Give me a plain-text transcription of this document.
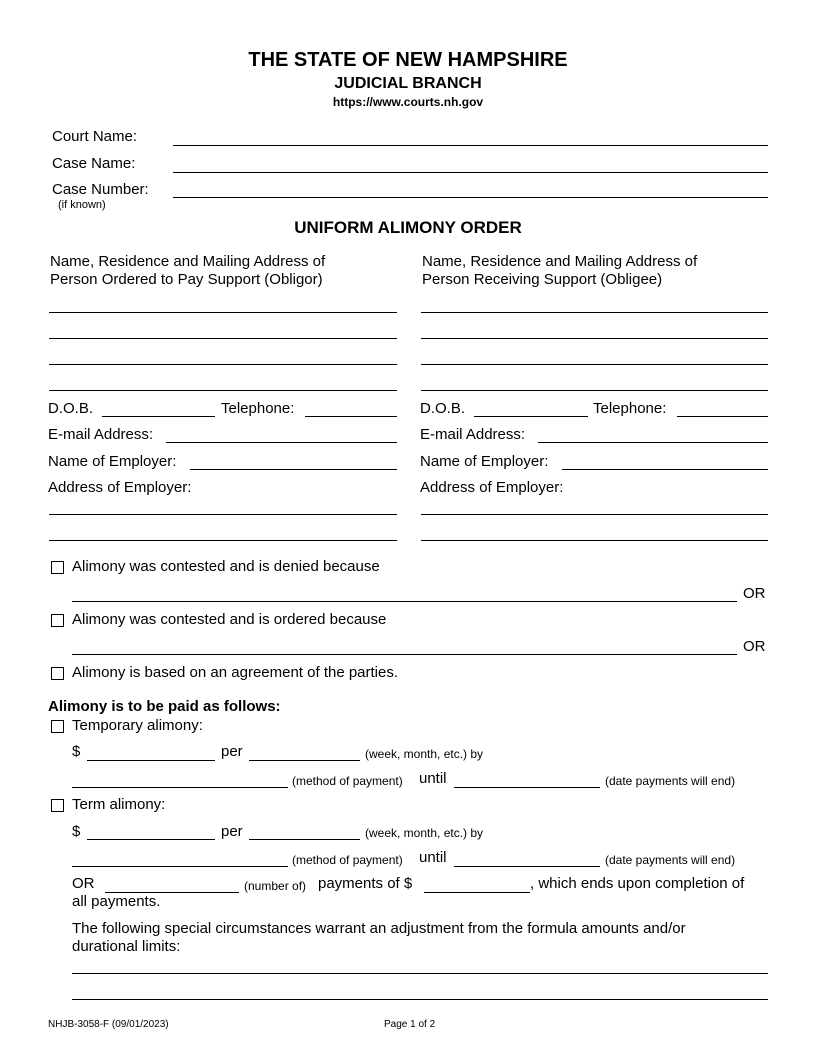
THE STATE OF NEW HAMPSHIRE
JUDICIAL BRANCH
https://www.courts.nh.gov
Court Name:
Case Name:
Case Number:
(if known)
UNIFORM ALIMONY ORDER
Name, Residence and Mailing Address of
Person Ordered to Pay Support (Obligor)
D.O.B.	Telephone:
E-mail Address:
Name of Employer:
Address of Employer:
Name, Residence and Mailing Address of
Person Receiving Support (Obligee)
D.O.B.	Telephone:
E-mail Address:
Name of Employer:
Address of Employer:
Alimony was contested and is denied because
OR
Alimony was contested and is ordered because
OR
Alimony is based on an agreement of the parties.
Alimony is to be paid as follows:
Temporary alimony:
$	per	(week, month, etc.) by
(method of payment) until	(date payments will end)
Term alimony:
$	per	(week, month, etc.) by
(method of payment) until	(date payments will end)
OR	(number of) payments of $	, which ends upon completion of
all payments.
The following special circumstances warrant an adjustment from the formula amounts and/or
durational limits:
NHJB-3058-F (09/01/2023)	Page 1 of 2
